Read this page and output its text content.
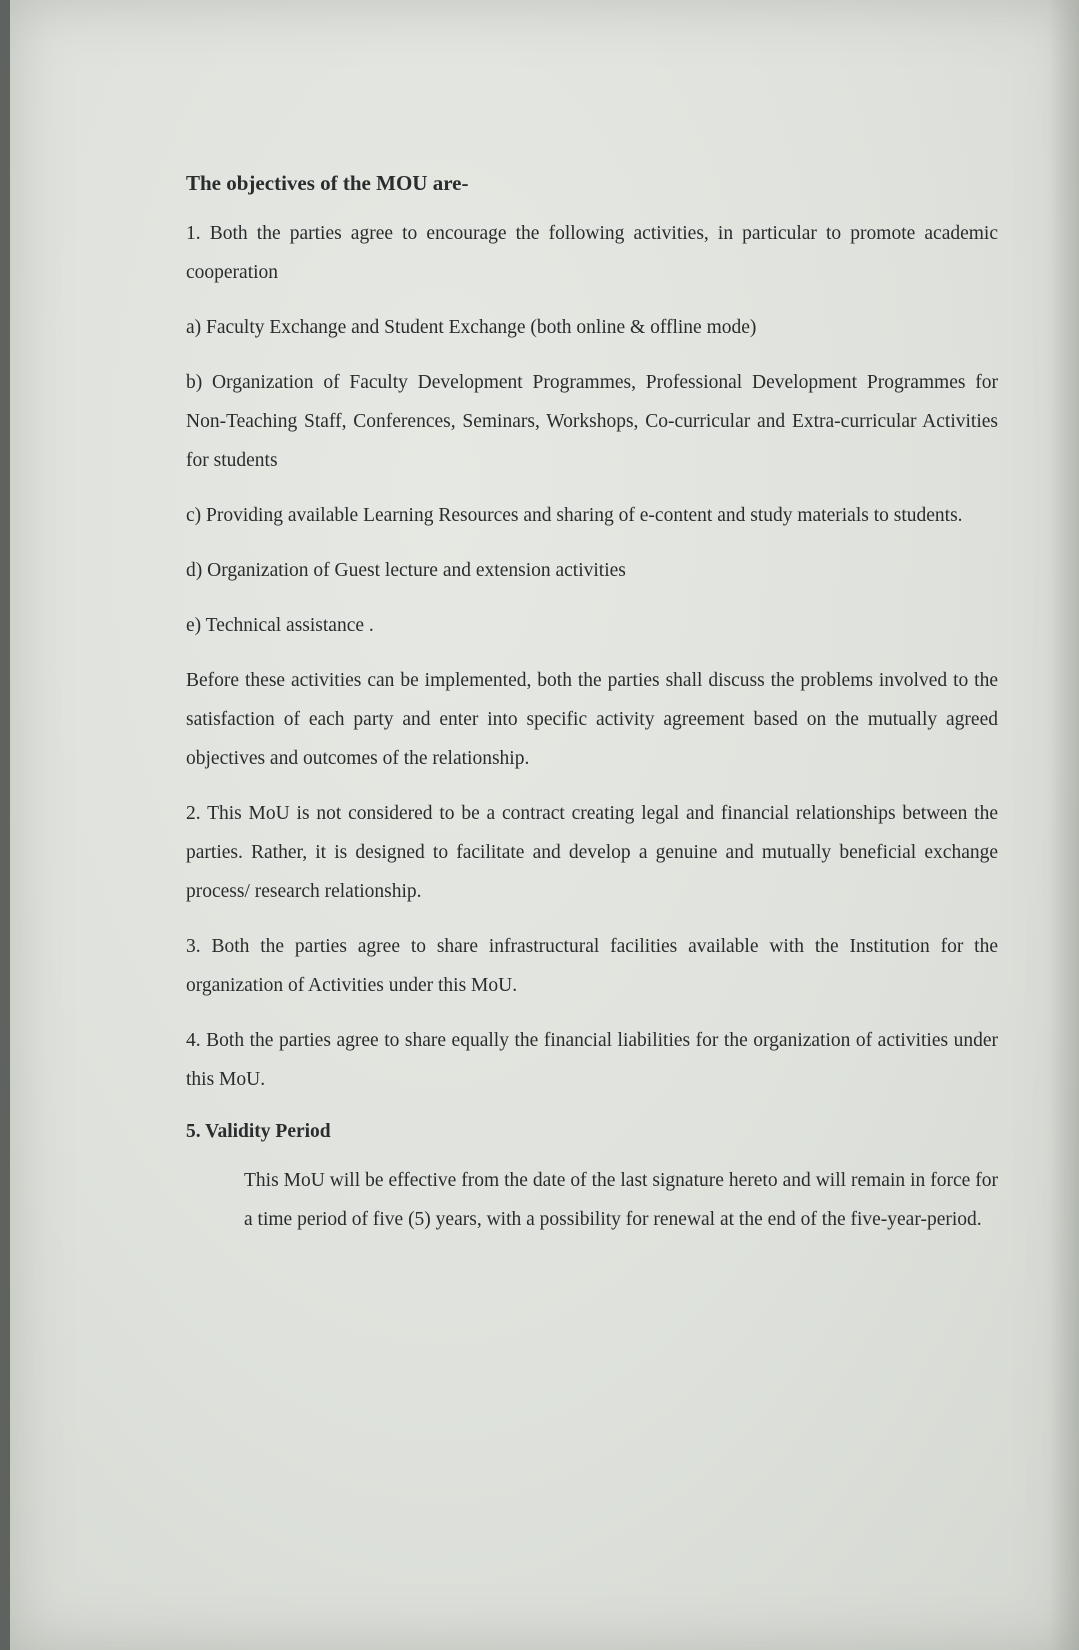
The objectives of the MOU are-
1. Both the parties agree to encourage the following activities, in particular to promote academic cooperation
a) Faculty Exchange and Student Exchange (both online & offline mode)
b) Organization of Faculty Development Programmes, Professional Development Programmes for Non-Teaching Staff, Conferences, Seminars, Workshops, Co-curricular and Extra-curricular Activities for students
c) Providing available Learning Resources and sharing of e-content and study materials to students.
d) Organization of Guest lecture and extension activities
e) Technical assistance .
Before these activities can be implemented, both the parties shall discuss the problems involved to the satisfaction of each party and enter into specific activity agreement based on the mutually agreed objectives and outcomes of the relationship.
2. This MoU is not considered to be a contract creating legal and financial relationships between the parties. Rather, it is designed to facilitate and develop a genuine and mutually beneficial exchange process/ research relationship.
3. Both the parties agree to share infrastructural facilities available with the Institution for the organization of Activities under this MoU.
4. Both the parties agree to share equally the financial liabilities for the organization of activities under this MoU.
5. Validity Period
This MoU will be effective from the date of the last signature hereto and will remain in force for a time period of five (5) years, with a possibility for renewal at the end of the five-year-period.
